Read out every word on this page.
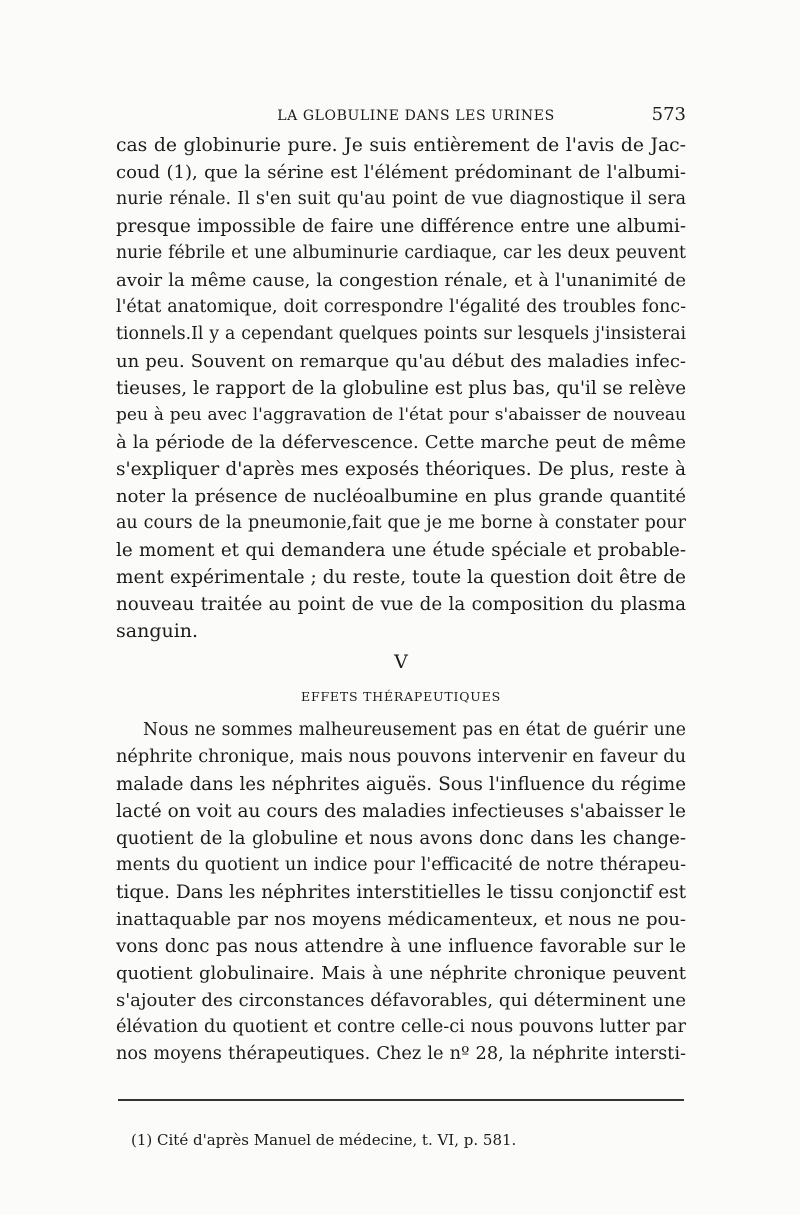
LA GLOBULINE DANS LES URINES	573
cas de globinurie pure. Je suis entièrement de l'avis de Jac-
coud (1), que la sérine est l'élément prédominant de l'albumi-
nurie rénale. Il s'en suit qu'au point de vue diagnostique il sera
presque impossible de faire une différence entre une albumi-
nurie fébrile et une albuminurie cardiaque, car les deux peuvent
avoir la même cause, la congestion rénale, et à l'unanimité de
l'état anatomique, doit correspondre l'égalité des troubles fonc-
tionnels.Il y a cependant quelques points sur lesquels j'insisterai
un peu. Souvent on remarque qu'au début des maladies infec-
tieuses, le rapport de la globuline est plus bas, qu'il se relève
peu à peu avec l'aggravation de l'état pour s'abaisser de nouveau
à la période de la défervescence. Cette marche peut de même
s'expliquer d'après mes exposés théoriques. De plus, reste à
noter la présence de nucléoalbumine en plus grande quantité
au cours de la pneumonie,fait que je me borne à constater pour
le moment et qui demandera une étude spéciale et probable-
ment expérimentale ; du reste, toute la question doit être de
nouveau traitée au point de vue de la composition du plasma
sanguin.
V
EFFETS THÉRAPEUTIQUES
Nous ne sommes malheureusement pas en état de guérir une
néphrite chronique, mais nous pouvons intervenir en faveur du
malade dans les néphrites aiguës. Sous l'influence du régime
lacté on voit au cours des maladies infectieuses s'abaisser le
quotient de la globuline et nous avons donc dans les change-
ments du quotient un indice pour l'efficacité de notre thérapeu-
tique. Dans les néphrites interstitielles le tissu conjonctif est
inattaquable par nos moyens médicamenteux, et nous ne pou-
vons donc pas nous attendre à une influence favorable sur le
quotient globulinaire. Mais à une néphrite chronique peuvent
s'ajouter des circonstances défavorables, qui déterminent une
élévation du quotient et contre celle-ci nous pouvons lutter par
nos moyens thérapeutiques. Chez le nº 28, la néphrite intersti-
(1) Cité d'après Manuel de médecine, t. VI, p. 581.
